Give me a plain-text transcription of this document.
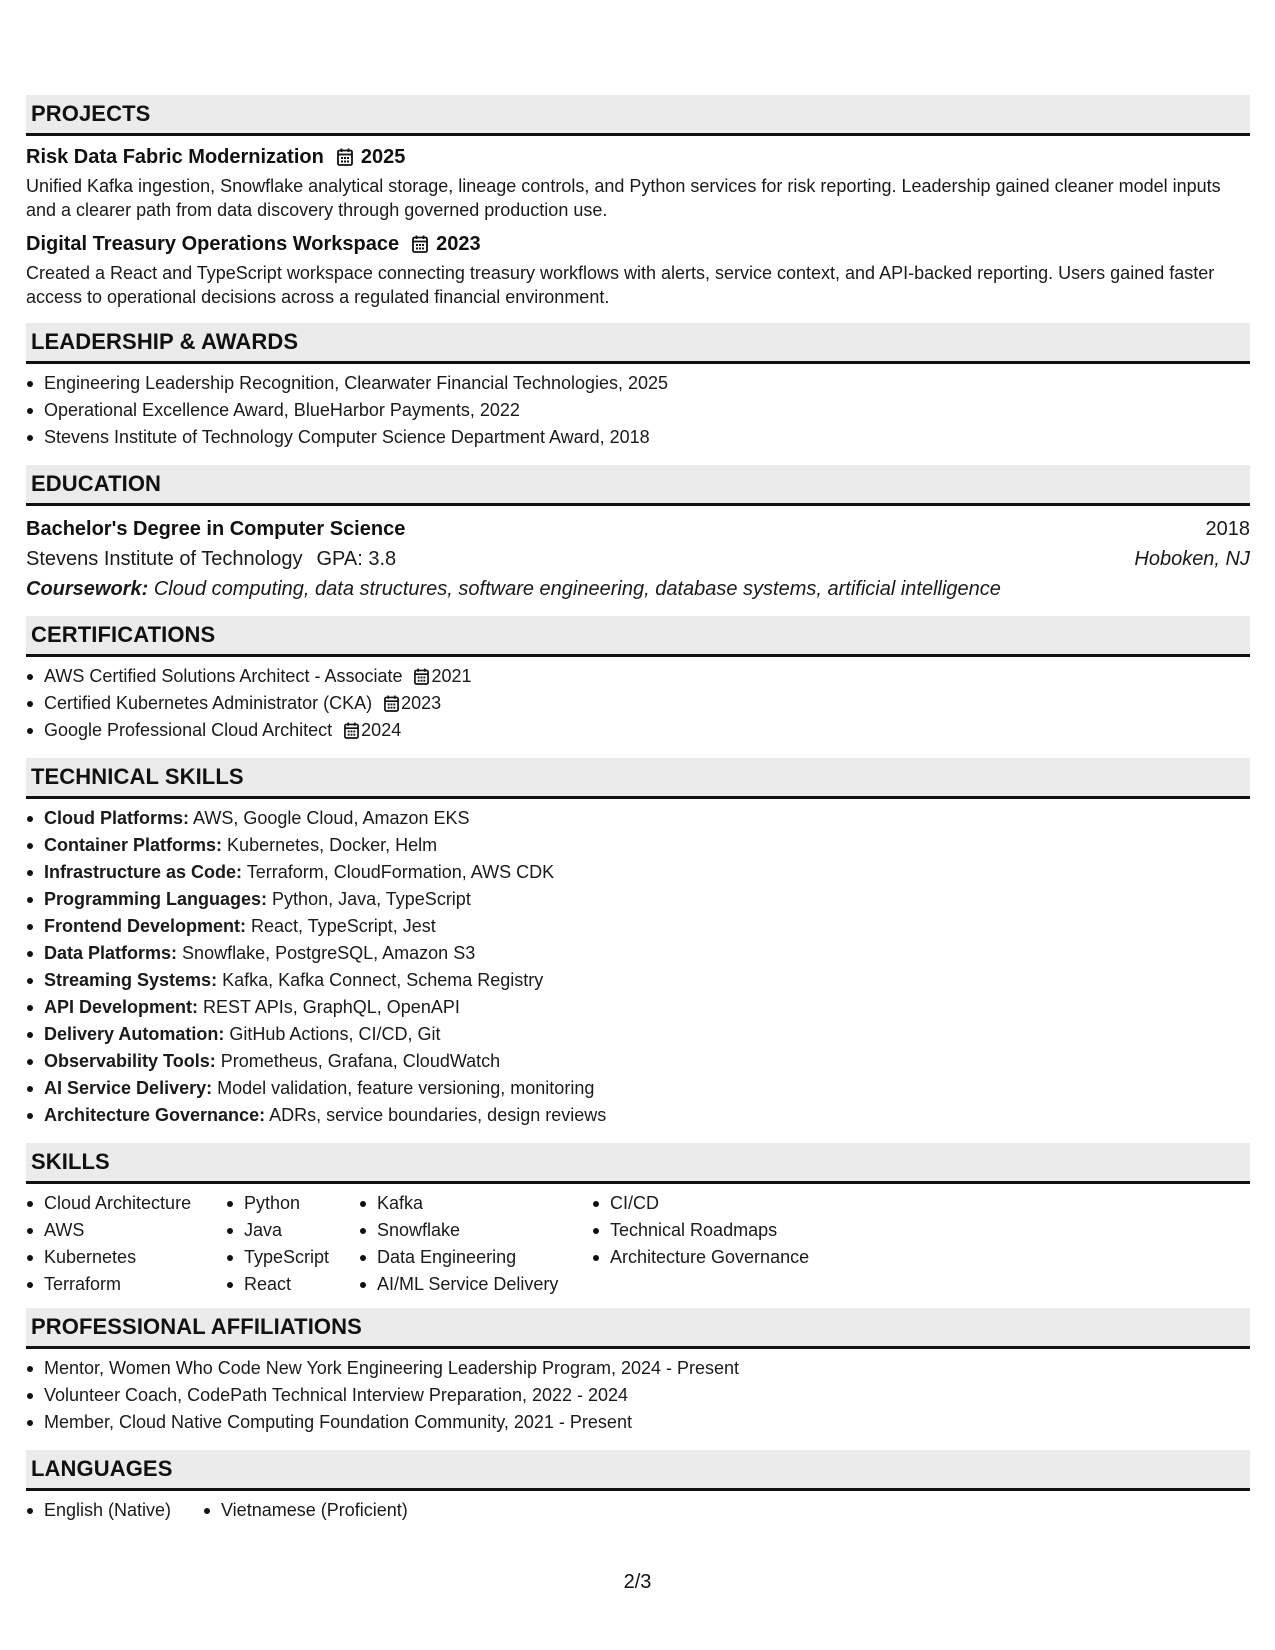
PROJECTS
Risk Data Fabric Modernization 2025
Unified Kafka ingestion, Snowflake analytical storage, lineage controls, and Python services for risk reporting. Leadership gained cleaner model inputs and a clearer path from data discovery through governed production use.
Digital Treasury Operations Workspace 2023
Created a React and TypeScript workspace connecting treasury workflows with alerts, service context, and API-backed reporting. Users gained faster access to operational decisions across a regulated financial environment.
LEADERSHIP & AWARDS
Engineering Leadership Recognition, Clearwater Financial Technologies, 2025
Operational Excellence Award, BlueHarbor Payments, 2022
Stevens Institute of Technology Computer Science Department Award, 2018
EDUCATION
Bachelor's Degree in Computer Science	2018
Stevens Institute of Technology GPA: 3.8	Hoboken, NJ
Coursework: Cloud computing, data structures, software engineering, database systems, artificial intelligence
CERTIFICATIONS
AWS Certified Solutions Architect - Associate 2021
Certified Kubernetes Administrator (CKA) 2023
Google Professional Cloud Architect 2024
TECHNICAL SKILLS
Cloud Platforms: AWS, Google Cloud, Amazon EKS
Container Platforms: Kubernetes, Docker, Helm
Infrastructure as Code: Terraform, CloudFormation, AWS CDK
Programming Languages: Python, Java, TypeScript
Frontend Development: React, TypeScript, Jest
Data Platforms: Snowflake, PostgreSQL, Amazon S3
Streaming Systems: Kafka, Kafka Connect, Schema Registry
API Development: REST APIs, GraphQL, OpenAPI
Delivery Automation: GitHub Actions, CI/CD, Git
Observability Tools: Prometheus, Grafana, CloudWatch
AI Service Delivery: Model validation, feature versioning, monitoring
Architecture Governance: ADRs, service boundaries, design reviews
SKILLS
Cloud Architecture
AWS
Kubernetes
Terraform
Python
Java
TypeScript
React
Kafka
Snowflake
Data Engineering
AI/ML Service Delivery
CI/CD
Technical Roadmaps
Architecture Governance
PROFESSIONAL AFFILIATIONS
Mentor, Women Who Code New York Engineering Leadership Program, 2024 - Present
Volunteer Coach, CodePath Technical Interview Preparation, 2022 - 2024
Member, Cloud Native Computing Foundation Community, 2021 - Present
LANGUAGES
English (Native)	Vietnamese (Proficient)
2/3
